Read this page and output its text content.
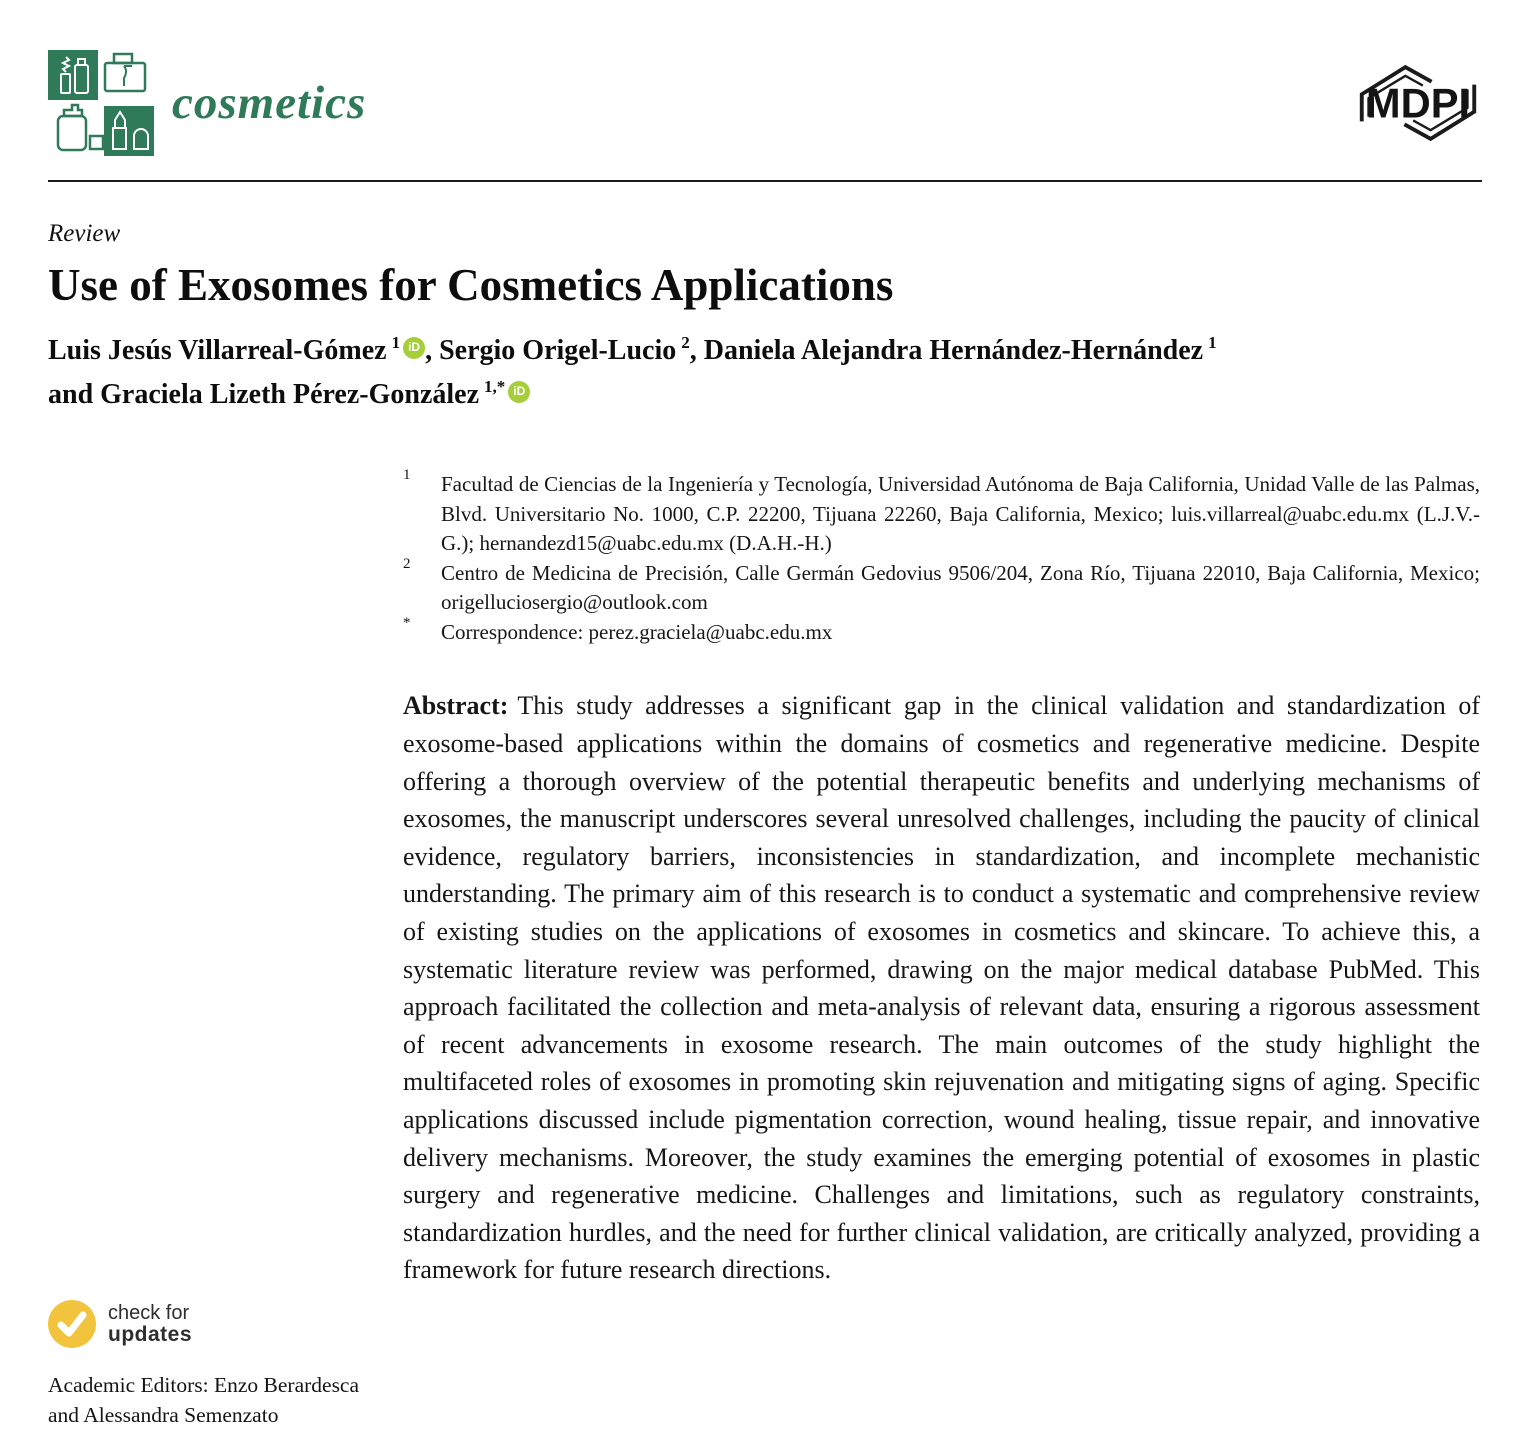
cosmetics	MDPI
Review
Use of Exosomes for Cosmetics Applications
Luis Jesús Villarreal-Gómez $^1$ iD , Sergio Origel-Lucio $^2$, Daniela Alejandra Hernández-Hernández $^1$
and Graciela Lizeth Pérez-González $^{1,*}$ iD
1	Facultad de Ciencias de la Ingeniería y Tecnología, Universidad Autónoma de Baja California, Unidad Valle de las Palmas, Blvd. Universitario No. 1000, C.P. 22200, Tijuana 22260, Baja California, Mexico; luis.villarreal@uabc.edu.mx (L.J.V.-G.); hernandezd15@uabc.edu.mx (D.A.H.-H.)
2	Centro de Medicina de Precisión, Calle Germán Gedovius 9506/204, Zona Río, Tijuana 22010, Baja California, Mexico; origelluciosergio@outlook.com
*	Correspondence: perez.graciela@uabc.edu.mx

Abstract: This study addresses a significant gap in the clinical validation and standardization of exosome-based applications within the domains of cosmetics and regenerative medicine. Despite offering a thorough overview of the potential therapeutic benefits and underlying mechanisms of exosomes, the manuscript underscores several unresolved challenges, including the paucity of clinical evidence, regulatory barriers, inconsistencies in standardization, and incomplete mechanistic understanding. The primary aim of this research is to conduct a systematic and comprehensive review of existing studies on the applications of exosomes in cosmetics and skincare. To achieve this, a systematic literature review was performed, drawing on the major medical database PubMed. This approach facilitated the collection and meta-analysis of relevant data, ensuring a rigorous assessment of recent advancements in exosome research. The main outcomes of the study highlight the multifaceted roles of exosomes in promoting skin rejuvenation and mitigating signs of aging. Specific applications discussed include pigmentation correction, wound healing, tissue repair, and innovative delivery mechanisms. Moreover, the study examines the emerging potential of exosomes in plastic surgery and regenerative medicine. Challenges and limitations, such as regulatory constraints, standardization hurdles, and the need for further clinical validation, are critically analyzed, providing a framework for future research directions.

check for
updates
Academic Editors: Enzo Berardesca
and Alessandra Semenzato
